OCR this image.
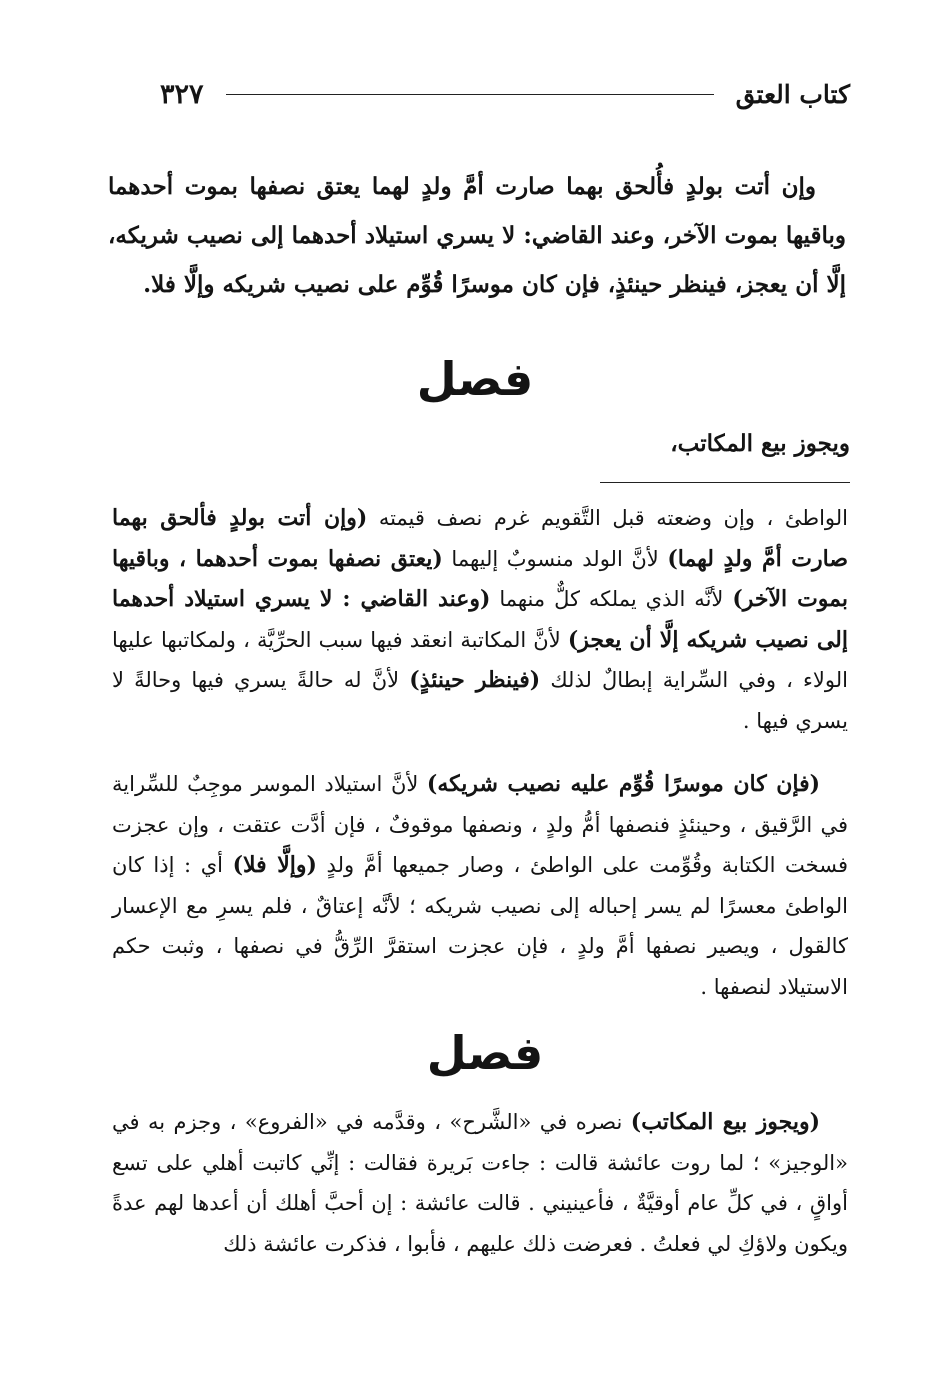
كتاب العتق
٣٢٧

وإن أتت بولدٍ فأُلحق بهما صارت أمَّ ولدٍ لهما يعتق نصفها بموت أحدهما وباقيها بموت الآخر، وعند القاضي: لا يسري استيلاد أحدهما إلى نصيب شريكه، إلَّا أن يعجز، فينظر حينئذٍ، فإن كان موسرًا قُوِّم على نصيب شريكه وإلَّا فلا.

فصل
ويجوز بيع المكاتب،

الواطئ ، وإن وضعته قبل التَّقويم غرم نصف قيمته (وإن أتت بولدٍ فألحق بهما صارت أمَّ ولدٍ لهما) لأنَّ الولد منسوبٌ إليهما (يعتق نصفها بموت أحدهما ، وباقيها بموت الآخر) لأنَّه الذي يملكه كلٌّ منهما (وعند القاضي : لا يسري استيلاد أحدهما إلى نصيب شريكه إلَّا أن يعجز) لأنَّ المكاتبة انعقد فيها سبب الحرِّيَّة ، ولمكاتبها عليها الولاء ، وفي السِّراية إبطالٌ لذلك (فينظر حينئذٍ) لأنَّ له حالةً يسري فيها وحالةً لا يسري فيها .

(فإن كان موسرًا قُوِّم عليه نصيب شريكه) لأنَّ استيلاد الموسر موجِبٌ للسِّراية في الرَّقيق ، وحينئذٍ فنصفها أمُّ ولدٍ ، ونصفها موقوفٌ ، فإن أدَّت عتقت ، وإن عجزت فسخت الكتابة وقُوِّمت على الواطئ ، وصار جميعها أمَّ ولدٍ (وإلَّا فلا) أي : إذا كان الواطئ معسرًا لم يسر إحباله إلى نصيب شريكه ؛ لأنَّه إعتاقٌ ، فلم يسرِ مع الإعسار كالقول ، ويصير نصفها أمَّ ولدٍ ، فإن عجزت استقرَّ الرِّقُّ في نصفها ، وثبت حكم الاستيلاد لنصفها .

فصل

(ويجوز بيع المكاتب) نصره في «الشَّرح» ، وقدَّمه في «الفروع» ، وجزم به في «الوجيز» ؛ لما روت عائشة قالت : جاءت بَريرة فقالت : إنِّي كاتبت أهلي على تسع أواقٍ ، في كلِّ عام أوقيَّةٌ ، فأعينيني . قالت عائشة : إن أحبَّ أهلك أن أعدها لهم عدةً ويكون ولاؤكِ لي فعلتُ . فعرضت ذلك عليهم ، فأبوا ، فذكرت عائشة ذلك
